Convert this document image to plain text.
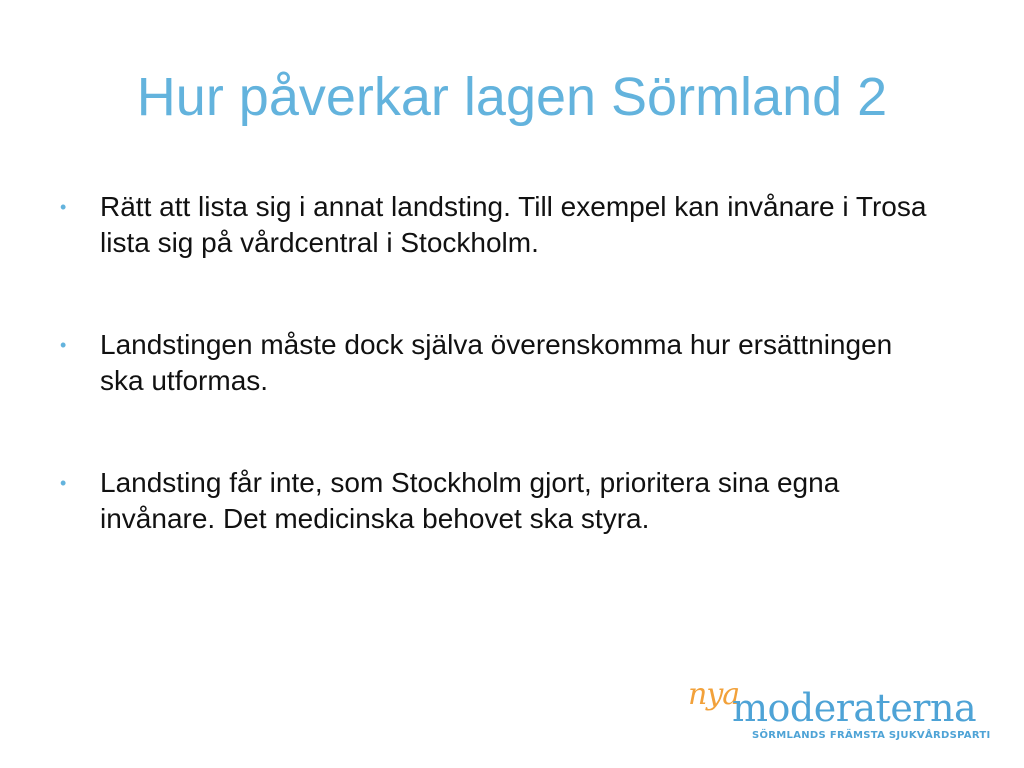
Hur påverkar lagen Sörmland 2
• Rätt att lista sig i annat landsting. Till exempel kan invånare i Trosa lista sig på vårdcentral i Stockholm.
• Landstingen måste dock själva överenskomma hur ersättningen ska utformas.
• Landsting får inte, som Stockholm gjort, prioritera sina egna invånare. Det medicinska behovet ska styra.
nya
moderaterna
SÖRMLANDS FRÄMSTA SJUKVÅRDSPARTI
